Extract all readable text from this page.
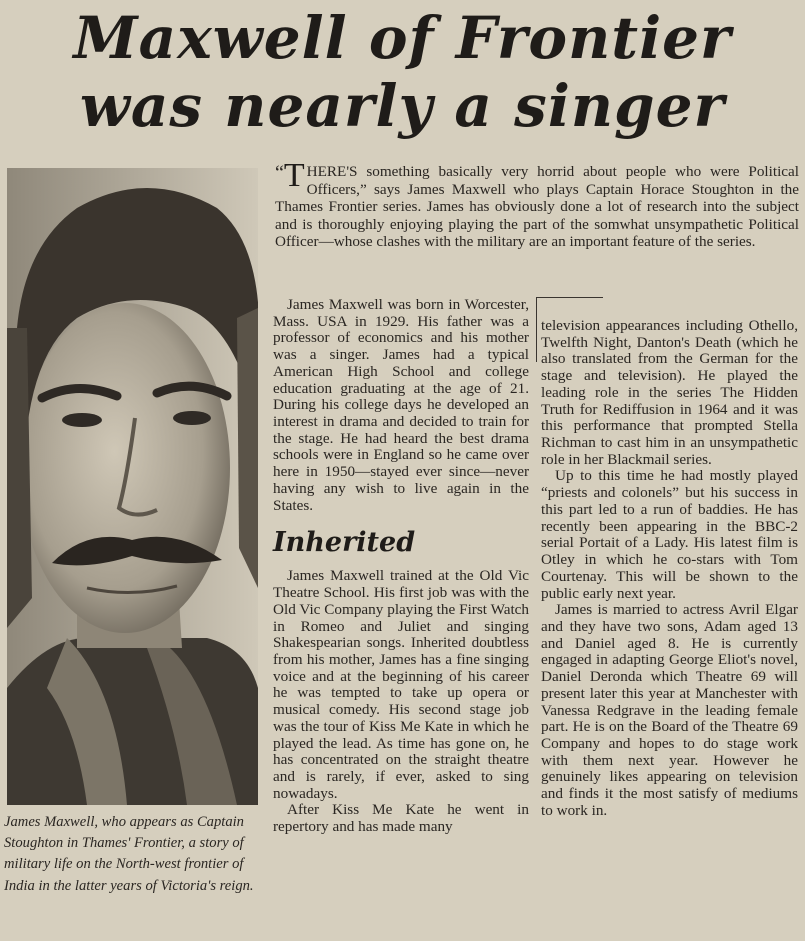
Maxwell of Frontier
was nearly a singer
James Maxwell, who appears as Captain Stoughton in Thames' Frontier, a story of military life on the North-west frontier of India in the latter years of Victoria's reign.
“ T HERE'S something basically very horrid about people who were Political Officers,” says James Maxwell who plays Captain Horace Stoughton in the Thames Frontier series. James has obviously done a lot of research into the subject and is thoroughly enjoying playing the part of the somwhat unsympathetic Political Officer—whose clashes with the military are an important feature of the series.

James Maxwell was born in Worcester, Mass. USA in 1929. His father was a professor of economics and his mother was a singer. James had a typical American High School and college education graduating at the age of 21. During his college days he developed an interest in drama and decided to train for the stage. He had heard the best drama schools were in England so he came over here in 1950—stayed ever since—never having any wish to live again in the States.

Inherited

James Maxwell trained at the Old Vic Theatre School. His first job was with the Old Vic Company playing the First Watch in Romeo and Juliet and singing Shakespearian songs. Inherited doubtless from his mother, James has a fine singing voice and at the beginning of his career he was tempted to take up opera or musical comedy. His second stage job was the tour of Kiss Me Kate in which he played the lead. As time has gone on, he has concentrated on the straight theatre and is rarely, if ever, asked to sing nowadays.

After Kiss Me Kate he went in repertory and has made many

television appearances including Othello, Twelfth Night, Danton's Death (which he also translated from the German for the stage and television). He played the leading role in the series The Hidden Truth for Rediffusion in 1964 and it was this performance that prompted Stella Richman to cast him in an unsympathetic role in her Blackmail series.

Up to this time he had mostly played “priests and colonels” but his success in this part led to a run of baddies. He has recently been appearing in the BBC-2 serial Portait of a Lady. His latest film is Otley in which he co-stars with Tom Courtenay. This will be shown to the public early next year.

James is married to actress Avril Elgar and they have two sons, Adam aged 13 and Daniel aged 8. He is currently engaged in adapting George Eliot's novel, Daniel Deronda which Theatre 69 will present later this year at Manchester with Vanessa Redgrave in the leading female part. He is on the Board of the Theatre 69 Company and hopes to do stage work with them next year. However he genuinely likes appearing on television and finds it the most satisfy of mediums to work in.
